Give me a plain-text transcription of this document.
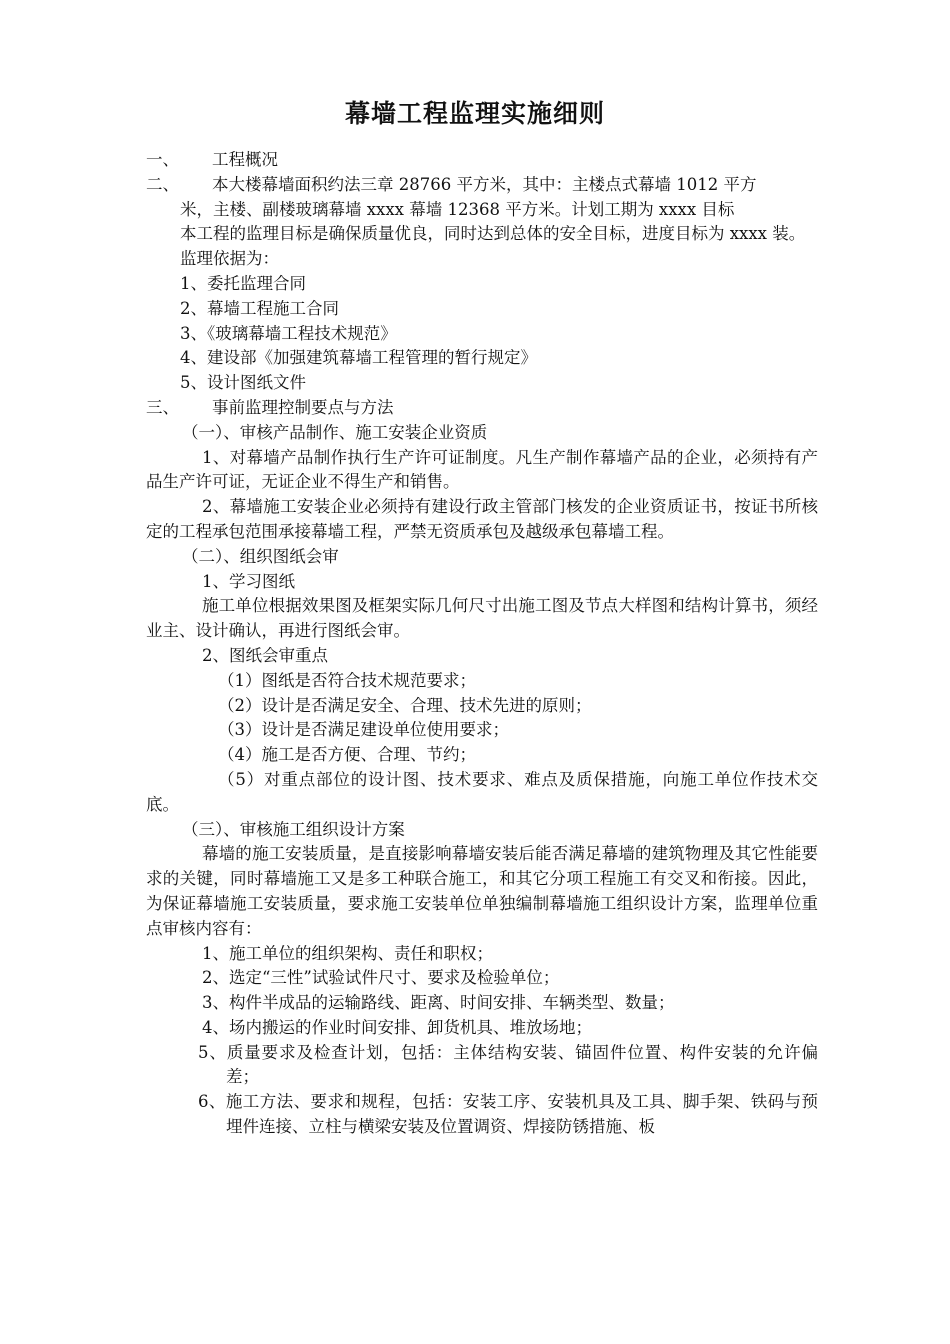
幕墙工程监理实施细则
一、 工程概况
二、 本大楼幕墙面积约法三章 28766 平方米，其中：主楼点式幕墙 1012 平方
米，主楼、副楼玻璃幕墙 xxxx 幕墙 12368 平方米。计划工期为 xxxx 目标
本工程的监理目标是确保质量优良，同时达到总体的安全目标，进度目标为 xxxx 装。
监理依据为：
1、委托监理合同
2、幕墙工程施工合同
3、《玻璃幕墙工程技术规范》
4、建设部《加强建筑幕墙工程管理的暂行规定》
5、设计图纸文件
三、 事前监理控制要点与方法
（一）、审核产品制作、施工安装企业资质
1、对幕墙产品制作执行生产许可证制度。凡生产制作幕墙产品的企业，必须持有产品生产许可证，无证企业不得生产和销售。
2、幕墙施工安装企业必须持有建设行政主管部门核发的企业资质证书，按证书所核定的工程承包范围承接幕墙工程，严禁无资质承包及越级承包幕墙工程。
（二）、组织图纸会审
1、学习图纸
施工单位根据效果图及框架实际几何尺寸出施工图及节点大样图和结构计算书，须经业主、设计确认，再进行图纸会审。
2、图纸会审重点
（1）图纸是否符合技术规范要求；
（2）设计是否满足安全、合理、技术先进的原则；
（3）设计是否满足建设单位使用要求；
（4）施工是否方便、合理、节约；
（5）对重点部位的设计图、技术要求、难点及质保措施，向施工单位作技术交底。
（三）、审核施工组织设计方案
幕墙的施工安装质量，是直接影响幕墙安装后能否满足幕墙的建筑物理及其它性能要求的关键，同时幕墙施工又是多工种联合施工，和其它分项工程施工有交叉和衔接。因此，为保证幕墙施工安装质量，要求施工安装单位单独编制幕墙施工组织设计方案，监理单位重点审核内容有：
1、施工单位的组织架构、责任和职权；
2、选定“三性”试验试件尺寸、要求及检验单位；
3、构件半成品的运输路线、距离、时间安排、车辆类型、数量；
4、场内搬运的作业时间安排、卸货机具、堆放场地；
5、质量要求及检查计划，包括：主体结构安装、锚固件位置、构件安装的允许偏差；
6、施工方法、要求和规程，包括：安装工序、安装机具及工具、脚手架、铁码与预埋件连接、立柱与横梁安装及位置调资、焊接防锈措施、板
